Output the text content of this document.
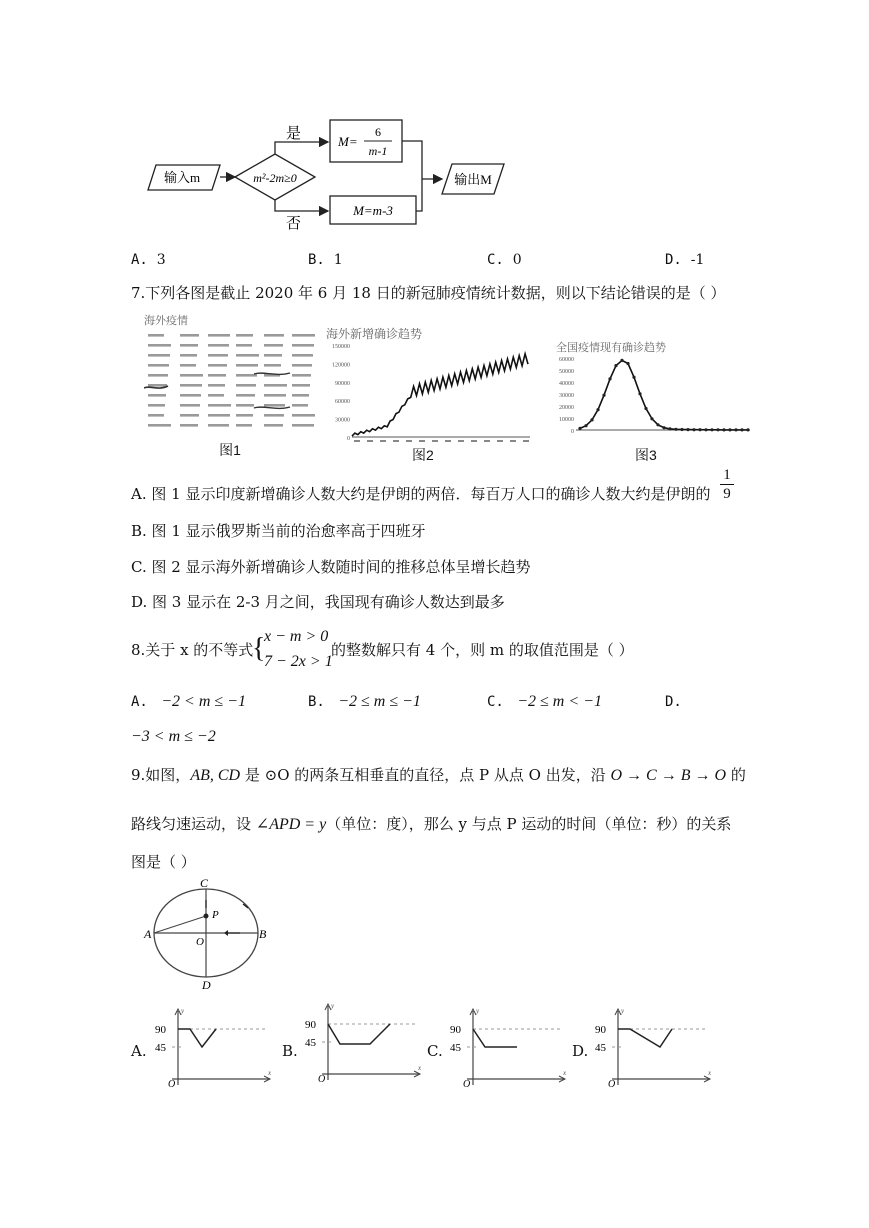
输入m	m²-2m≥0
是	M=
6
m-1
否
M=m-3
输出M
A. 3	B. 1	C. 0	D. -1
7.下列各图是截止 2020 年 6 月 18 日的新冠肺疫情统计数据，则以下结论错误的是（ ）
海外疫情
图1
海外新增确诊趋势
150000
120000
90000
60000
30000
0
图2
全国疫情现有确诊趋势
60000
50000
40000
30000
20000
10000
0
图3
A. 图 1 显示印度新增确诊人数大约是伊朗的两倍．每百万人口的确诊人数大约是伊朗的 $\frac{1}{9}$
B. 图 1 显示俄罗斯当前的治愈率高于四班牙
C. 图 2 显示海外新增确诊人数随时间的推移总体呈增长趋势
D. 图 3 显示在 2-3 月之间，我国现有确诊人数达到最多
8.关于 x 的不等式
{
x − m > 0
7 − 2x > 1
的整数解只有 4 个，则 m 的取值范围是（ ）
A. −2 < m ≤ −1	B. −2 ≤ m ≤ −1	C. −2 ≤ m < −1	D.
−3 < m ≤ −2
9.如图，AB, CD 是 ⊙O 的两条互相垂直的直径，点 P 从点 O 出发，沿 O → C → B → O 的
路线匀速运动，设 ∠APD = y（单位：度），那么 y 与点 P 运动的时间（单位：秒）的关系
图是（ ）
C
P
A	B
O
D
A.	B.	C.	D.
90
45
O
y
x
90
45
O
y
x
90
45
O
y
x
90
45
O
y
x
